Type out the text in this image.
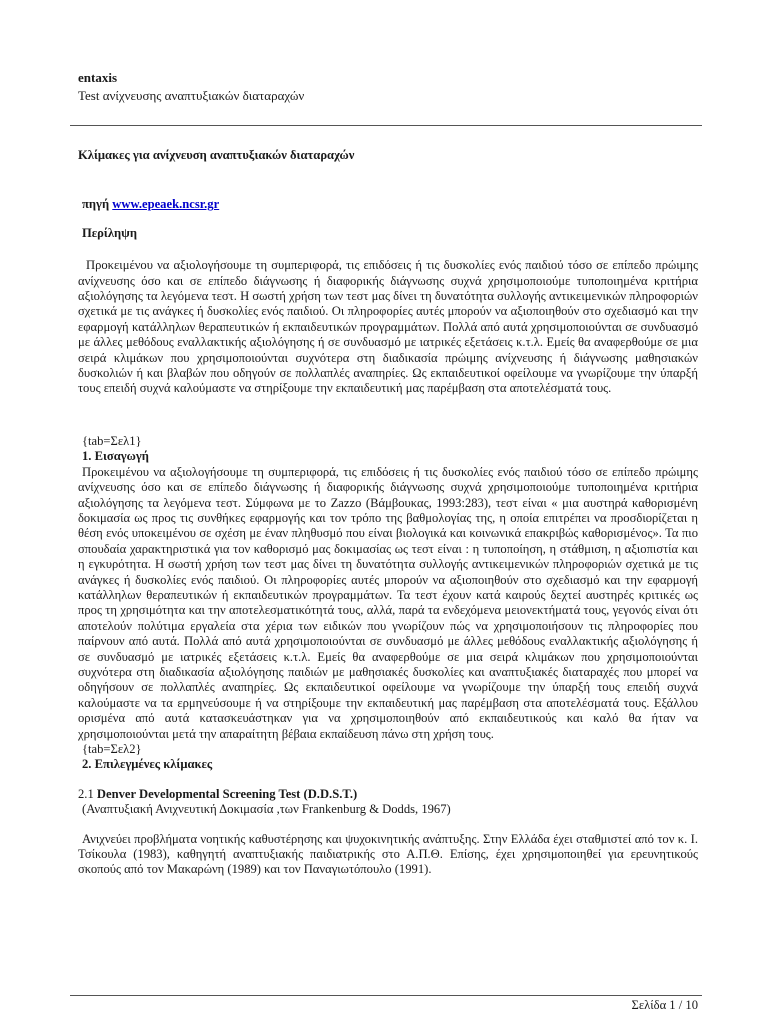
entaxis
Test ανίχνευσης αναπτυξιακών διαταραχών
Κλίμακες για ανίχνευση αναπτυξιακών διαταραχών
πηγή www.epeaek.ncsr.gr
Περίληψη

Προκειμένου να αξιολογήσουμε τη συμπεριφορά, τις επιδόσεις ή τις δυσκολίες ενός παιδιού τόσο σε επίπεδο πρώιμης ανίχνευσης όσο και σε επίπεδο διάγνωσης ή διαφορικής διάγνωσης συχνά χρησιμοποιούμε τυποποιημένα κριτήρια αξιολόγησης τα λεγόμενα τεστ. Η σωστή χρήση των τεστ μας δίνει τη δυνατότητα συλλογής αντικειμενικών πληροφοριών σχετικά με τις ανάγκες ή δυσκολίες ενός παιδιού. Οι πληροφορίες αυτές μπορούν να αξιοποιηθούν στο σχεδιασμό και την εφαρμογή κατάλληλων θεραπευτικών ή εκπαιδευτικών προγραμμάτων. Πολλά από αυτά χρησιμοποιούνται σε συνδυασμό με άλλες μεθόδους εναλλακτικής αξιολόγησης ή σε συνδυασμό με ιατρικές εξετάσεις κ.τ.λ. Εμείς θα αναφερθούμε σε μια σειρά κλιμάκων που χρησιμοποιούνται συχνότερα στη διαδικασία πρώιμης ανίχνευσης ή διάγνωσης μαθησιακών δυσκολιών ή και βλαβών που οδηγούν σε πολλαπλές αναπηρίες. Ως εκπαιδευτικοί οφείλουμε να γνωρίζουμε την ύπαρξή τους επειδή συχνά καλούμαστε να στηρίξουμε την εκπαιδευτική μας παρέμβαση στα αποτελέσματά τους.

{tab=Σελ1}
1. Εισαγωγή

Προκειμένου να αξιολογήσουμε τη συμπεριφορά, τις επιδόσεις ή τις δυσκολίες ενός παιδιού τόσο σε επίπεδο πρώιμης ανίχνευσης όσο και σε επίπεδο διάγνωσης ή διαφορικής διάγνωσης συχνά χρησιμοποιούμε τυποποιημένα κριτήρια αξιολόγησης τα λεγόμενα τεστ. Σύμφωνα με το Zazzo (Βάμβουκας, 1993:283), τεστ είναι « μια αυστηρά καθορισμένη δοκιμασία ως προς τις συνθήκες εφαρμογής και τον τρόπο της βαθμολογίας της, η οποία επιτρέπει να προσδιορίζεται η θέση ενός υποκειμένου σε σχέση με έναν πληθυσμό που είναι βιολογικά και κοινωνικά επακριβώς καθορισμένος». Τα πιο σπουδαία χαρακτηριστικά για τον καθορισμό μας δοκιμασίας ως τεστ είναι : η τυποποίηση, η στάθμιση, η αξιοπιστία και η εγκυρότητα. Η σωστή χρήση των τεστ μας δίνει τη δυνατότητα συλλογής αντικειμενικών πληροφοριών σχετικά με τις ανάγκες ή δυσκολίες ενός παιδιού. Οι πληροφορίες αυτές μπορούν να αξιοποιηθούν στο σχεδιασμό και την εφαρμογή κατάλληλων θεραπευτικών ή εκπαιδευτικών προγραμμάτων. Τα τεστ έχουν κατά καιρούς δεχτεί αυστηρές κριτικές ως προς τη χρησιμότητα και την αποτελεσματικότητά τους, αλλά, παρά τα ενδεχόμενα μειονεκτήματά τους, γεγονός είναι ότι αποτελούν πολύτιμα εργαλεία στα χέρια των ειδικών που γνωρίζουν πώς να χρησιμοποιήσουν τις πληροφορίες που παίρνουν από αυτά. Πολλά από αυτά χρησιμοποιούνται σε συνδυασμό με άλλες μεθόδους εναλλακτικής αξιολόγησης ή σε συνδυασμό με ιατρικές εξετάσεις κ.τ.λ. Εμείς θα αναφερθούμε σε μια σειρά κλιμάκων που χρησιμοποιούνται συχνότερα στη διαδικασία αξιολόγησης παιδιών με μαθησιακές δυσκολίες και αναπτυξιακές διαταραχές που μπορεί να οδηγήσουν σε πολλαπλές αναπηρίες. Ως εκπαιδευτικοί οφείλουμε να γνωρίζουμε την ύπαρξή τους επειδή συχνά καλούμαστε να τα ερμηνεύσουμε ή να στηρίξουμε την εκπαιδευτική μας παρέμβαση στα αποτελέσματά τους. Εξάλλου ορισμένα από αυτά κατασκευάστηκαν για να χρησιμοποιηθούν από εκπαιδευτικούς και καλό θα ήταν να χρησιμοποιούνται μετά την απαραίτητη βέβαια εκπαίδευση πάνω στη χρήση τους.

{tab=Σελ2}
2. Επιλεγμένες κλίμακες
2.1 Denver Developmental Screening Test (D.D.S.T.)
(Αναπτυξιακή Ανιχνευτική Δοκιμασία ,των Frankenburg & Dodds, 1967)

Ανιχνεύει προβλήματα νοητικής καθυστέρησης και ψυχοκινητικής ανάπτυξης. Στην Ελλάδα έχει σταθμιστεί από τον κ. Ι. Τσίκουλα (1983), καθηγητή αναπτυξιακής παιδιατρικής στο Α.Π.Θ. Επίσης, έχει χρησιμοποιηθεί για ερευνητικούς σκοπούς από τον Μακαρώνη (1989) και τον Παναγιωτόπουλο (1991).

Σελίδα 1 / 10
